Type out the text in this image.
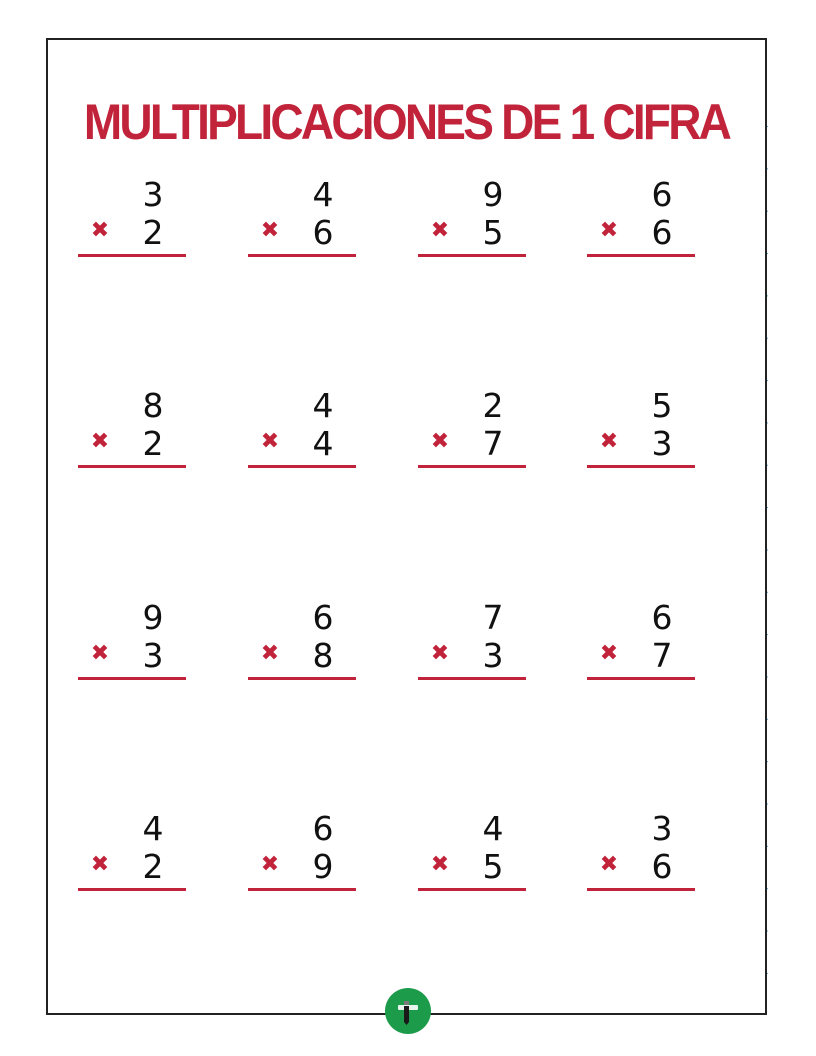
MULTIPLICACIONES DE 1 CIFRA
3
✖ 2
4
✖ 6
9
✖ 5
6
✖ 6
8
✖ 2
4
✖ 4
2
✖ 7
5
✖ 3
9
✖ 3
6
✖ 8
7
✖ 3
6
✖ 7
4
✖ 2
6
✖ 9
4
✖ 5
3
✖ 6
